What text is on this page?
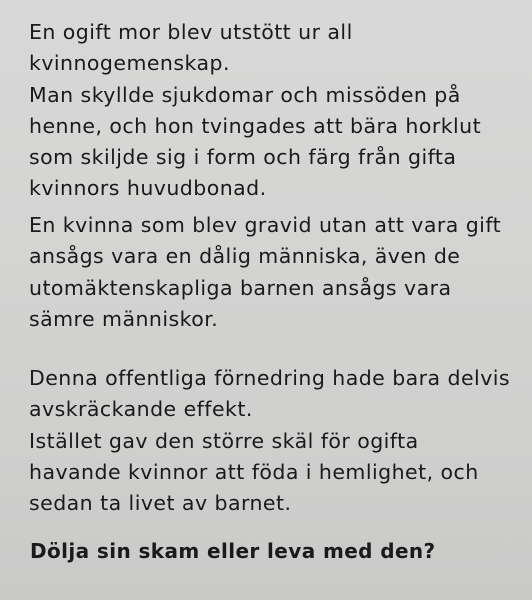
En ogift mor blev utstött ur all
kvinnogemenskap.
Man skyllde sjukdomar och missöden på
henne, och hon tvingades att bära horklut
som skiljde sig i form och färg från gifta
kvinnors huvudbonad.

En kvinna som blev gravid utan att vara gift
ansågs vara en dålig människa, även de
utomäktenskapliga barnen ansågs vara
sämre människor.

Denna offentliga förnedring hade bara delvis
avskräckande effekt.
Istället gav den större skäl för ogifta
havande kvinnor att föda i hemlighet, och
sedan ta livet av barnet.

Dölja sin skam eller leva med den?
